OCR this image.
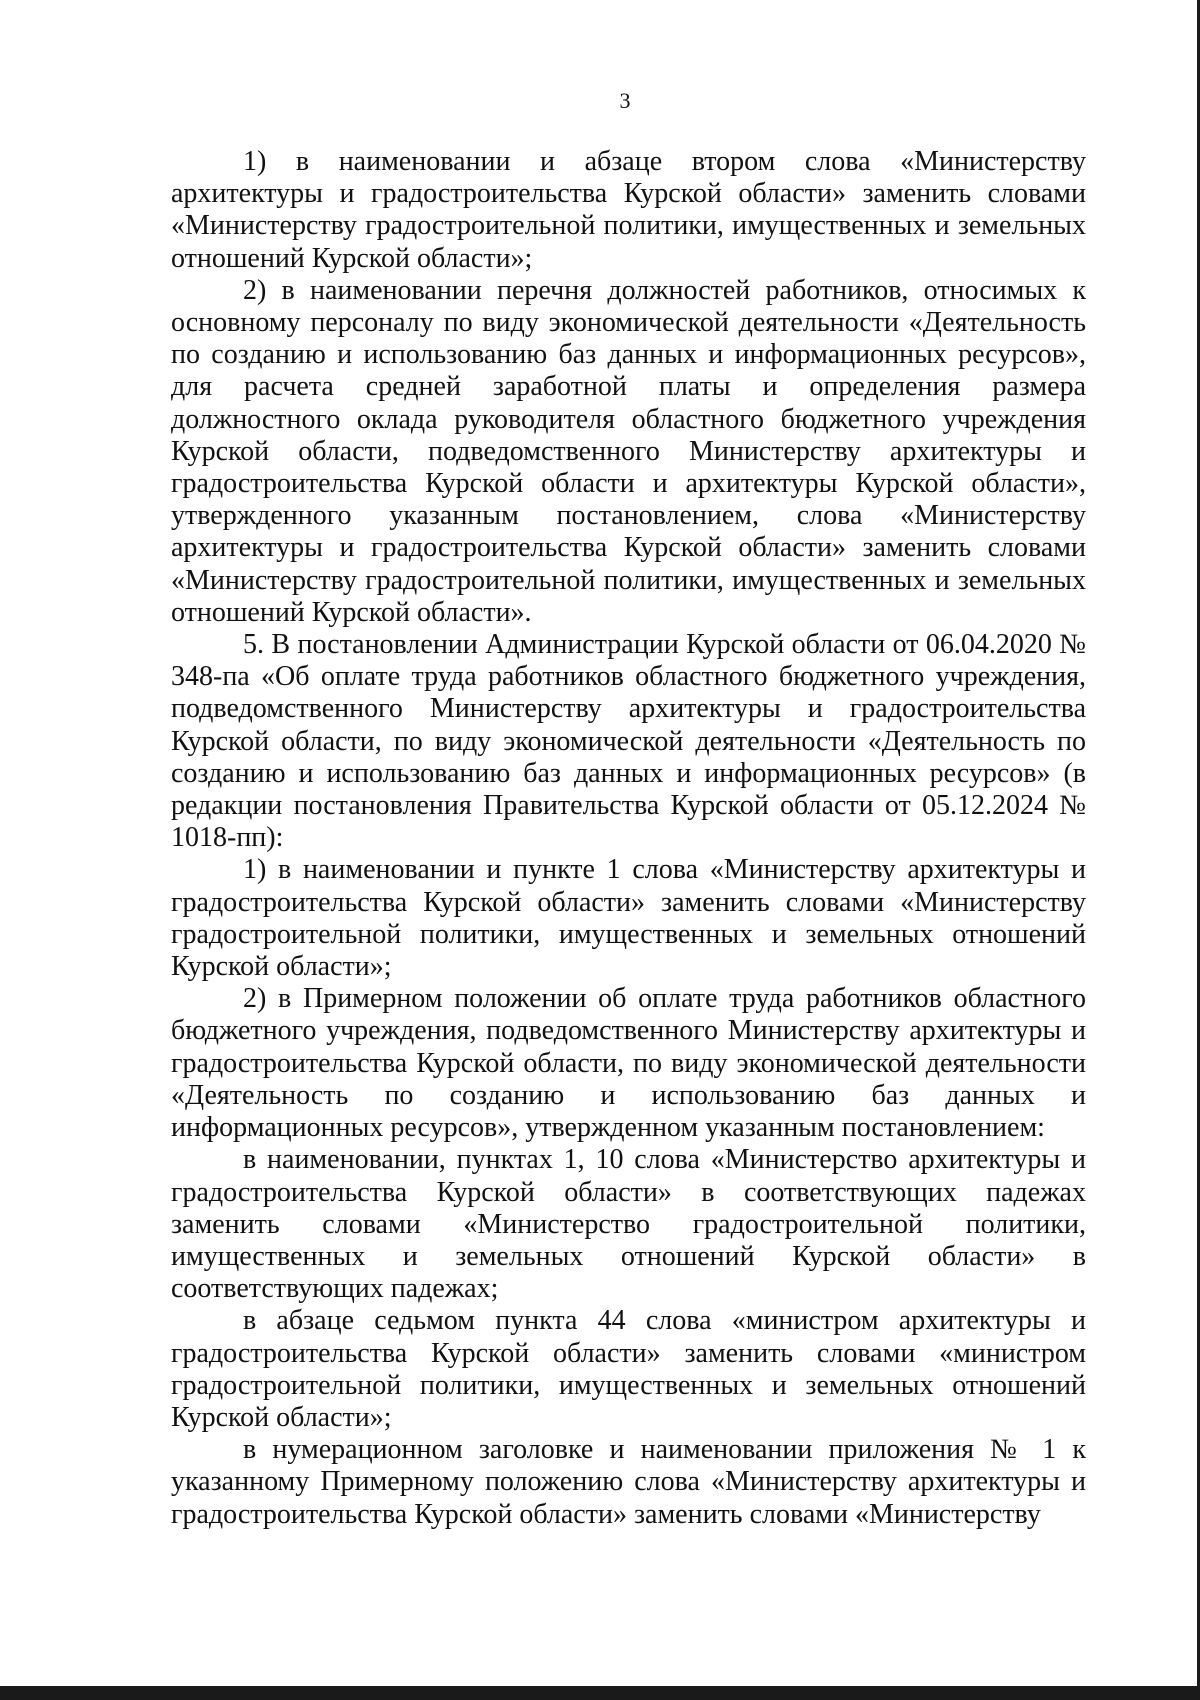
3

1) в наименовании и абзаце втором слова «Министерству архитектуры и градостроительства Курской области» заменить словами «Министерству градостроительной политики, имущественных и земельных отношений Курской области»;

2) в наименовании перечня должностей работников, относимых к основному персоналу по виду экономической деятельности «Деятельность по созданию и использованию баз данных и информационных ресурсов», для расчета средней заработной платы и определения размера должностного оклада руководителя областного бюджетного учреждения Курской области, подведомственного Министерству архитектуры и градостроительства Курской области и архитектуры Курской области», утвержденного указанным постановлением, слова «Министерству архитектуры и градостроительства Курской области» заменить словами «Министерству градостроительной политики, имущественных и земельных отношений Курской области».

5. В постановлении Администрации Курской области от 06.04.2020 № 348-па «Об оплате труда работников областного бюджетного учреждения, подведомственного Министерству архитектуры и градостроительства Курской области, по виду экономической деятельности «Деятельность по созданию и использованию баз данных и информационных ресурсов» (в редакции постановления Правительства Курской области от 05.12.2024 № 1018-пп):

1) в наименовании и пункте 1 слова «Министерству архитектуры и градостроительства Курской области» заменить словами «Министерству градостроительной политики, имущественных и земельных отношений Курской области»;

2) в Примерном положении об оплате труда работников областного бюджетного учреждения, подведомственного Министерству архитектуры и градостроительства Курской области, по виду экономической деятельности «Деятельность по созданию и использованию баз данных и информационных ресурсов», утвержденном указанным постановлением:

в наименовании, пунктах 1, 10 слова «Министерство архитектуры и градостроительства Курской области» в соответствующих падежах заменить словами «Министерство градостроительной политики, имущественных и земельных отношений Курской области» в соответствующих падежах;

в абзаце седьмом пункта 44 слова «министром архитектуры и градостроительства Курской области» заменить словами «министром градостроительной политики, имущественных и земельных отношений Курской области»;

в нумерационном заголовке и наименовании приложения № 1 к указанному Примерному положению слова «Министерству архитектуры и градостроительства Курской области» заменить словами «Министерству
